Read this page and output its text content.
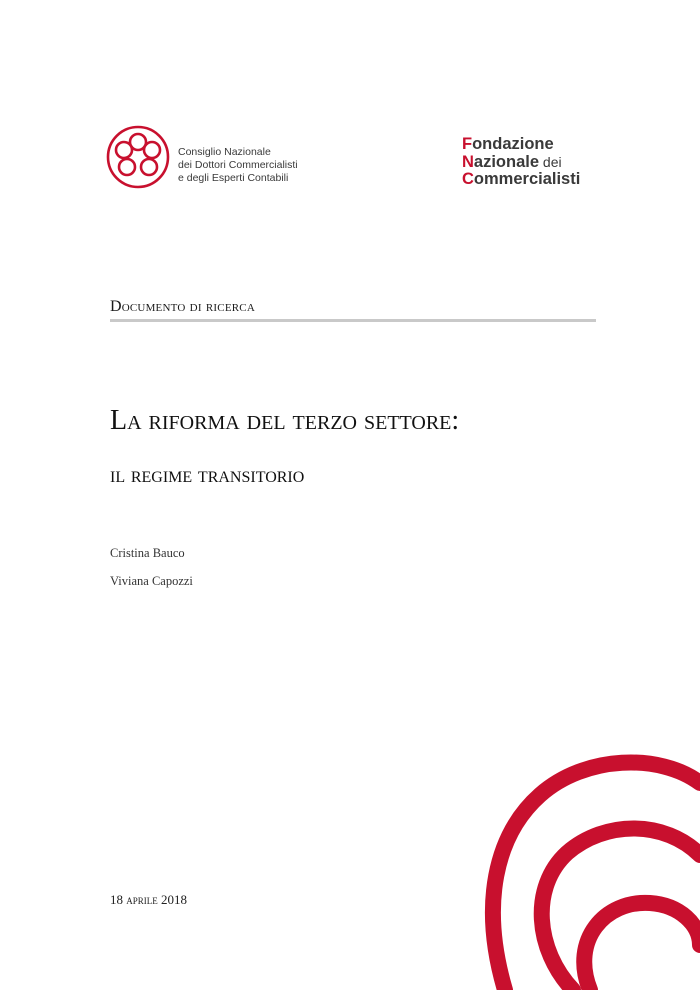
Consiglio Nazionale
dei Dottori Commercialisti
e degli Esperti Contabili
Fondazione
Nazionale dei
Commercialisti
Documento di ricerca
La riforma del terzo settore:
il regime transitorio
Cristina Bauco
Viviana Capozzi
18 aprile 2018
